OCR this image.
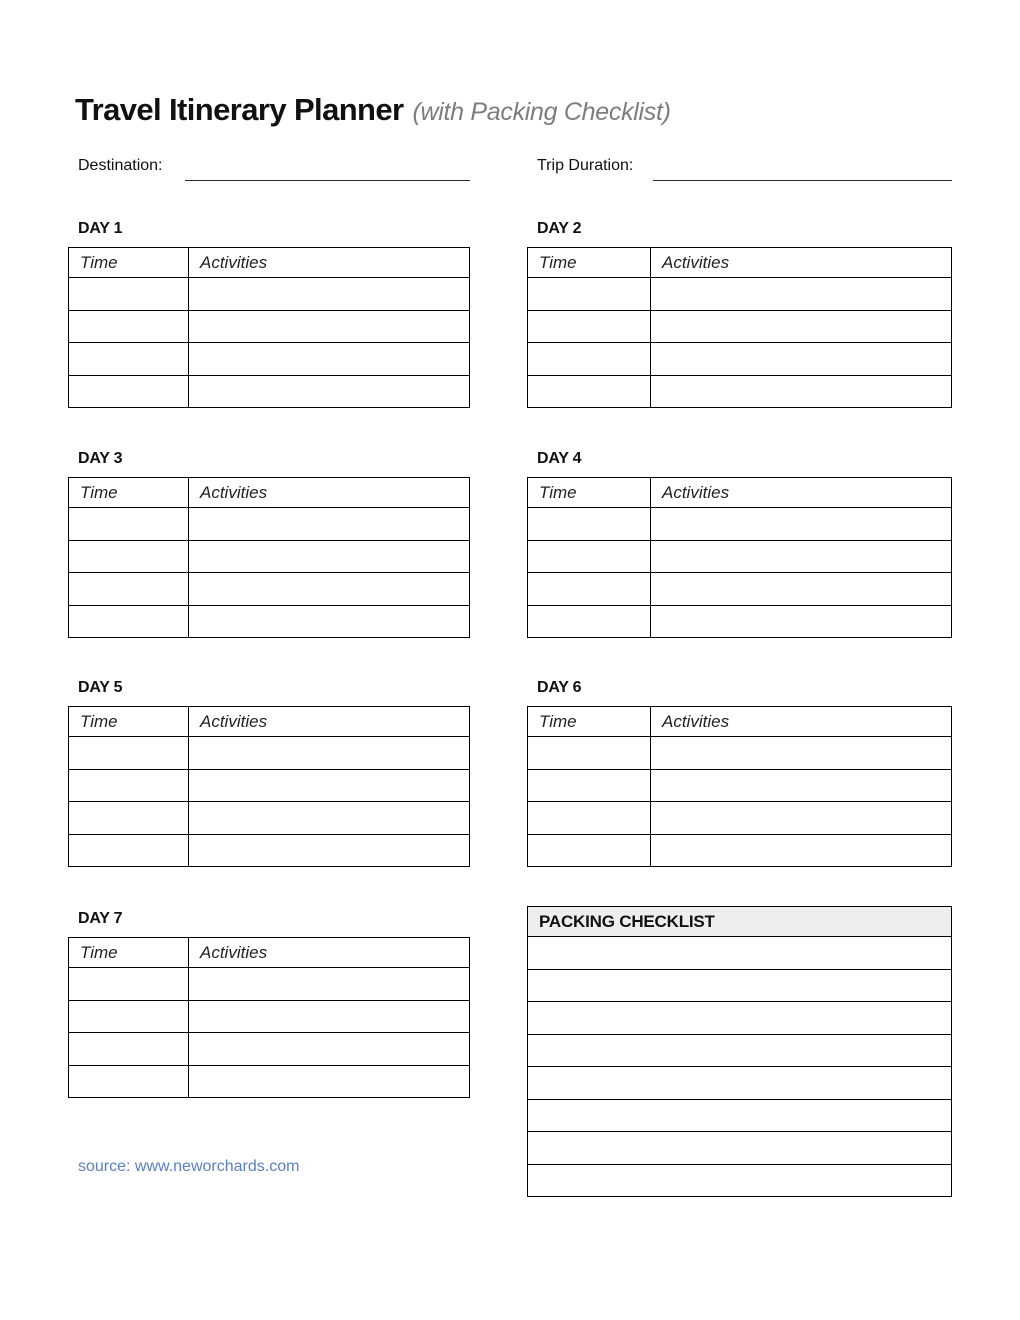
Travel Itinerary Planner (with Packing Checklist)
Destination:	Trip Duration:
DAY 1
Time	Activities

DAY 2
Time	Activities

DAY 3
Time	Activities

DAY 4
Time	Activities

DAY 5
Time	Activities

DAY 6
Time	Activities

DAY 7
Time	Activities

PACKING CHECKLIST

source: www.neworchards.com
